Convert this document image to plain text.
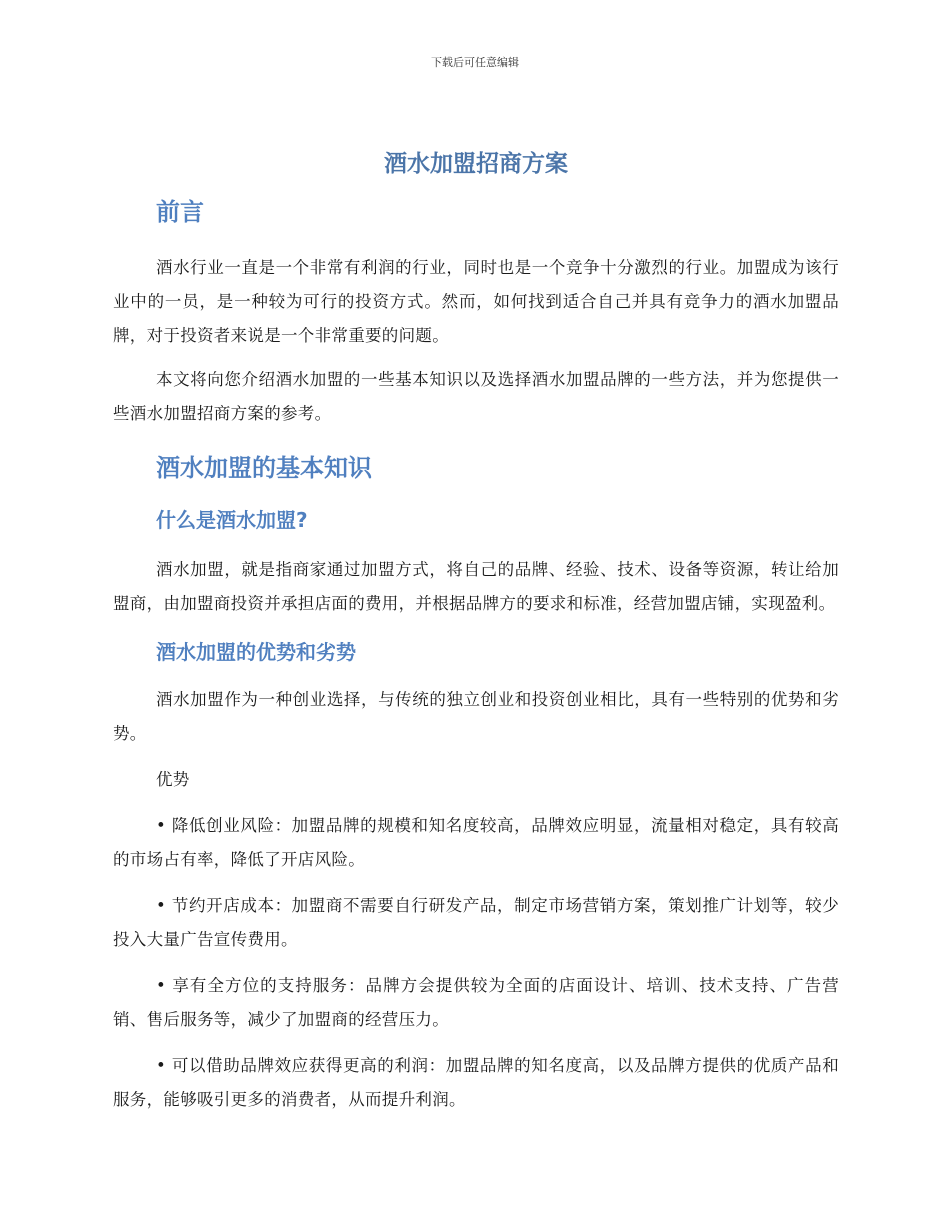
下载后可任意编辑
酒水加盟招商方案
前言

酒水行业一直是一个非常有利润的行业，同时也是一个竞争十分激烈的行业。加盟成为该行业中的一员，是一种较为可行的投资方式。然而，如何找到适合自己并具有竞争力的酒水加盟品牌，对于投资者来说是一个非常重要的问题。

本文将向您介绍酒水加盟的一些基本知识以及选择酒水加盟品牌的一些方法，并为您提供一些酒水加盟招商方案的参考。

酒水加盟的基本知识
什么是酒水加盟?

酒水加盟，就是指商家通过加盟方式，将自己的品牌、经验、技术、设备等资源，转让给加盟商，由加盟商投资并承担店面的费用，并根据品牌方的要求和标准，经营加盟店铺，实现盈利。

酒水加盟的优势和劣势

酒水加盟作为一种创业选择，与传统的独立创业和投资创业相比，具有一些特别的优势和劣势。

优势

• 降低创业风险：加盟品牌的规模和知名度较高，品牌效应明显，流量相对稳定，具有较高的市场占有率，降低了开店风险。

• 节约开店成本：加盟商不需要自行研发产品，制定市场营销方案，策划推广计划等，较少投入大量广告宣传费用。

• 享有全方位的支持服务：品牌方会提供较为全面的店面设计、培训、技术支持、广告营销、售后服务等，减少了加盟商的经营压力。

• 可以借助品牌效应获得更高的利润：加盟品牌的知名度高，以及品牌方提供的优质产品和服务，能够吸引更多的消费者，从而提升利润。
